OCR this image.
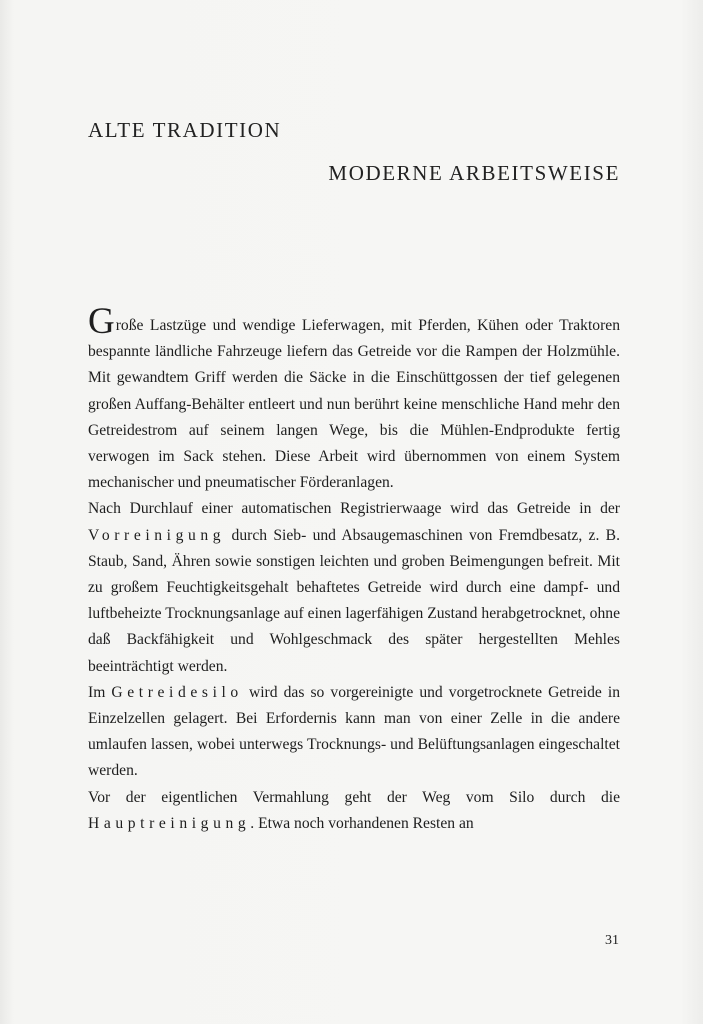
ALTE TRADITION
MODERNE ARBEITSWEISE

Große Lastzüge und wendige Lieferwagen, mit Pferden, Kühen oder Traktoren bespannte ländliche Fahrzeuge liefern das Getreide vor die Rampen der Holzmühle. Mit gewandtem Griff werden die Säcke in die Einschüttgossen der tief gelegenen großen Auffang-Behälter entleert und nun berührt keine menschliche Hand mehr den Getreidestrom auf seinem langen Wege, bis die Mühlen-Endprodukte fertig verwogen im Sack stehen. Diese Arbeit wird übernommen von einem System mechanischer und pneumatischer Förderanlagen.

Nach Durchlauf einer automatischen Registrierwaage wird das Getreide in der Vorreinigung durch Sieb- und Absaugemaschinen von Fremdbesatz, z. B. Staub, Sand, Ähren sowie sonstigen leichten und groben Beimengungen befreit. Mit zu großem Feuchtigkeitsgehalt behaftetes Getreide wird durch eine dampf- und luftbeheizte Trocknungsanlage auf einen lagerfähigen Zustand herabgetrocknet, ohne daß Backfähigkeit und Wohlgeschmack des später hergestellten Mehles beeinträchtigt werden.

Im Getreidesilo wird das so vorgereinigte und vorgetrocknete Getreide in Einzelzellen gelagert. Bei Erfordernis kann man von einer Zelle in die andere umlaufen lassen, wobei unterwegs Trocknungs- und Belüftungsanlagen eingeschaltet werden.

Vor der eigentlichen Vermahlung geht der Weg vom Silo durch die Hauptreinigung. Etwa noch vorhandenen Resten an

31
